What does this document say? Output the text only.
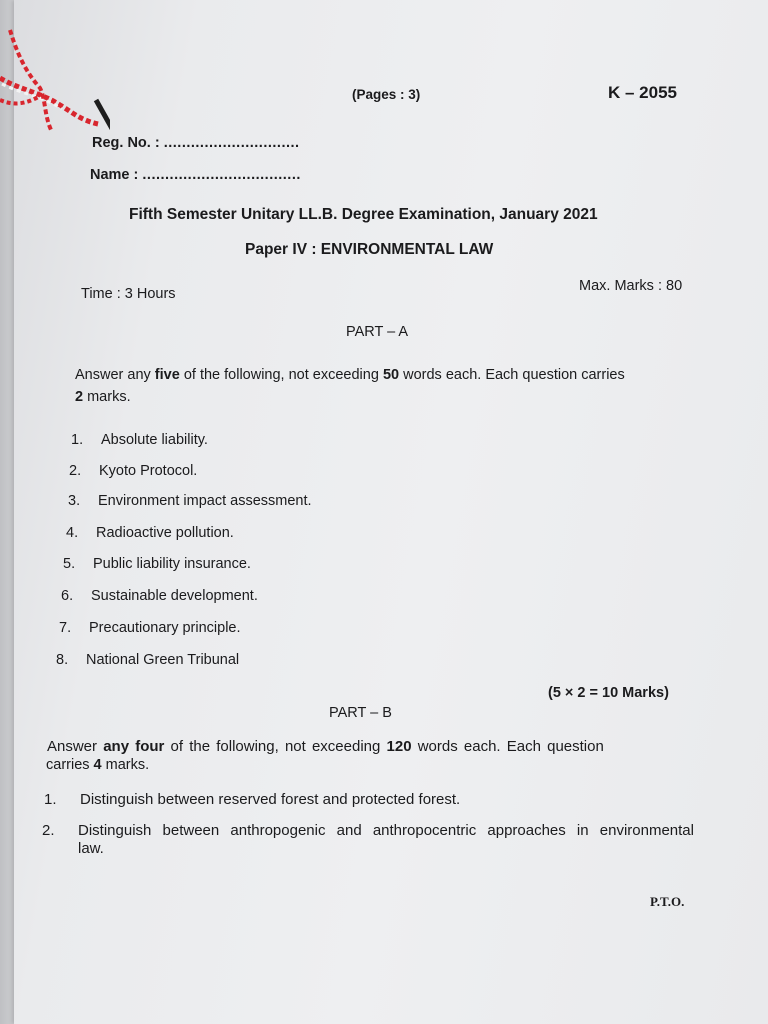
(Pages : 3)	K – 2055
Reg. No. : ..............................
Name : ...................................
Fifth Semester Unitary LL.B. Degree Examination, January 2021
Paper IV : ENVIRONMENTAL LAW
Time : 3 Hours	Max. Marks : 80
PART – A
Answer any five of the following, not exceeding 50 words each. Each question carries
2 marks.
1. Absolute liability.
2. Kyoto Protocol.
3. Environment impact assessment.
4. Radioactive pollution.
5. Public liability insurance.
6. Sustainable development.
7. Precautionary principle.
8. National Green Tribunal
(5 × 2 = 10 Marks)
PART – B
Answer any four of the following, not exceeding 120 words each. Each question
carries 4 marks.
1. Distinguish between reserved forest and protected forest.
2.	Distinguish between anthropogenic and anthropocentric approaches in environmental law.
P.T.O.
